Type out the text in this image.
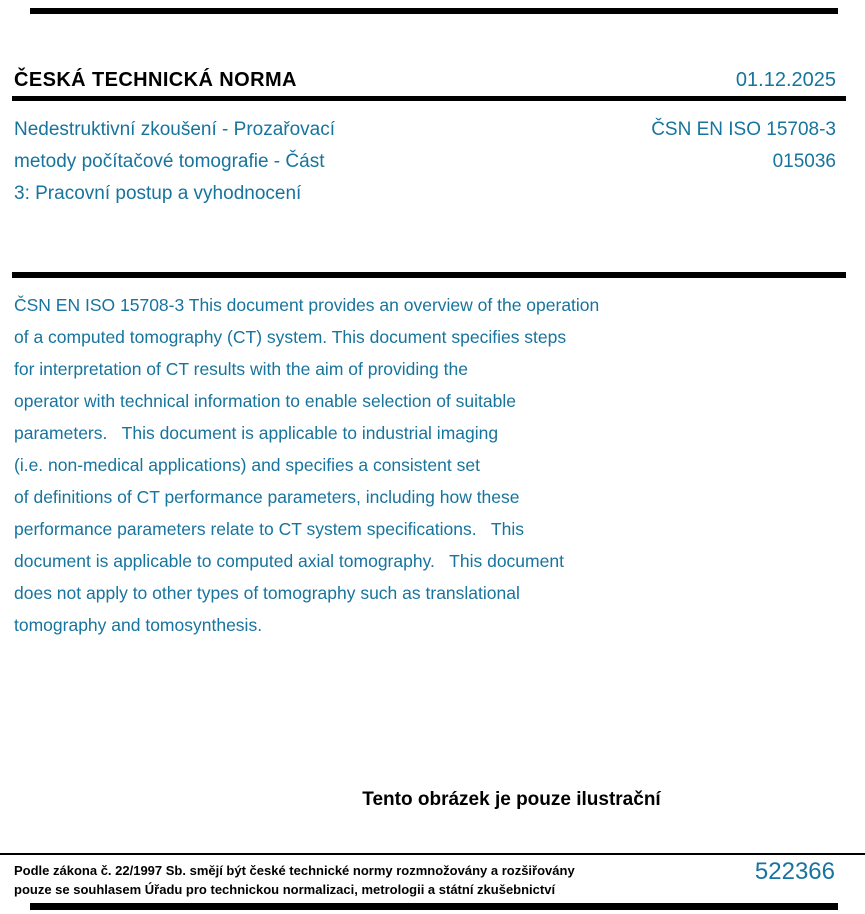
ČESKÁ TECHNICKÁ NORMA	01.12.2025
Nedestruktivní zkoušení - Prozařovací
metody počítačové tomografie - Část
3: Pracovní postup a vyhodnocení
ČSN EN ISO 15708-3
015036
ČSN EN ISO 15708-3 This document provides an overview of the operation
of a computed tomography (CT) system. This document specifies steps
for interpretation of CT results with the aim of providing the
operator with technical information to enable selection of suitable
parameters.   This document is applicable to industrial imaging
(i.e. non-medical applications) and specifies a consistent set
of definitions of CT performance parameters, including how these
performance parameters relate to CT system specifications.   This
document is applicable to computed axial tomography.   This document
does not apply to other types of tomography such as translational
tomography and tomosynthesis.
Tento obrázek je pouze ilustrační
Podle zákona č. 22/1997 Sb. smějí být české technické normy rozmnožovány a rozšiřovány
pouze se souhlasem Úřadu pro technickou normalizaci, metrologii a státní zkušebnictví
522366
